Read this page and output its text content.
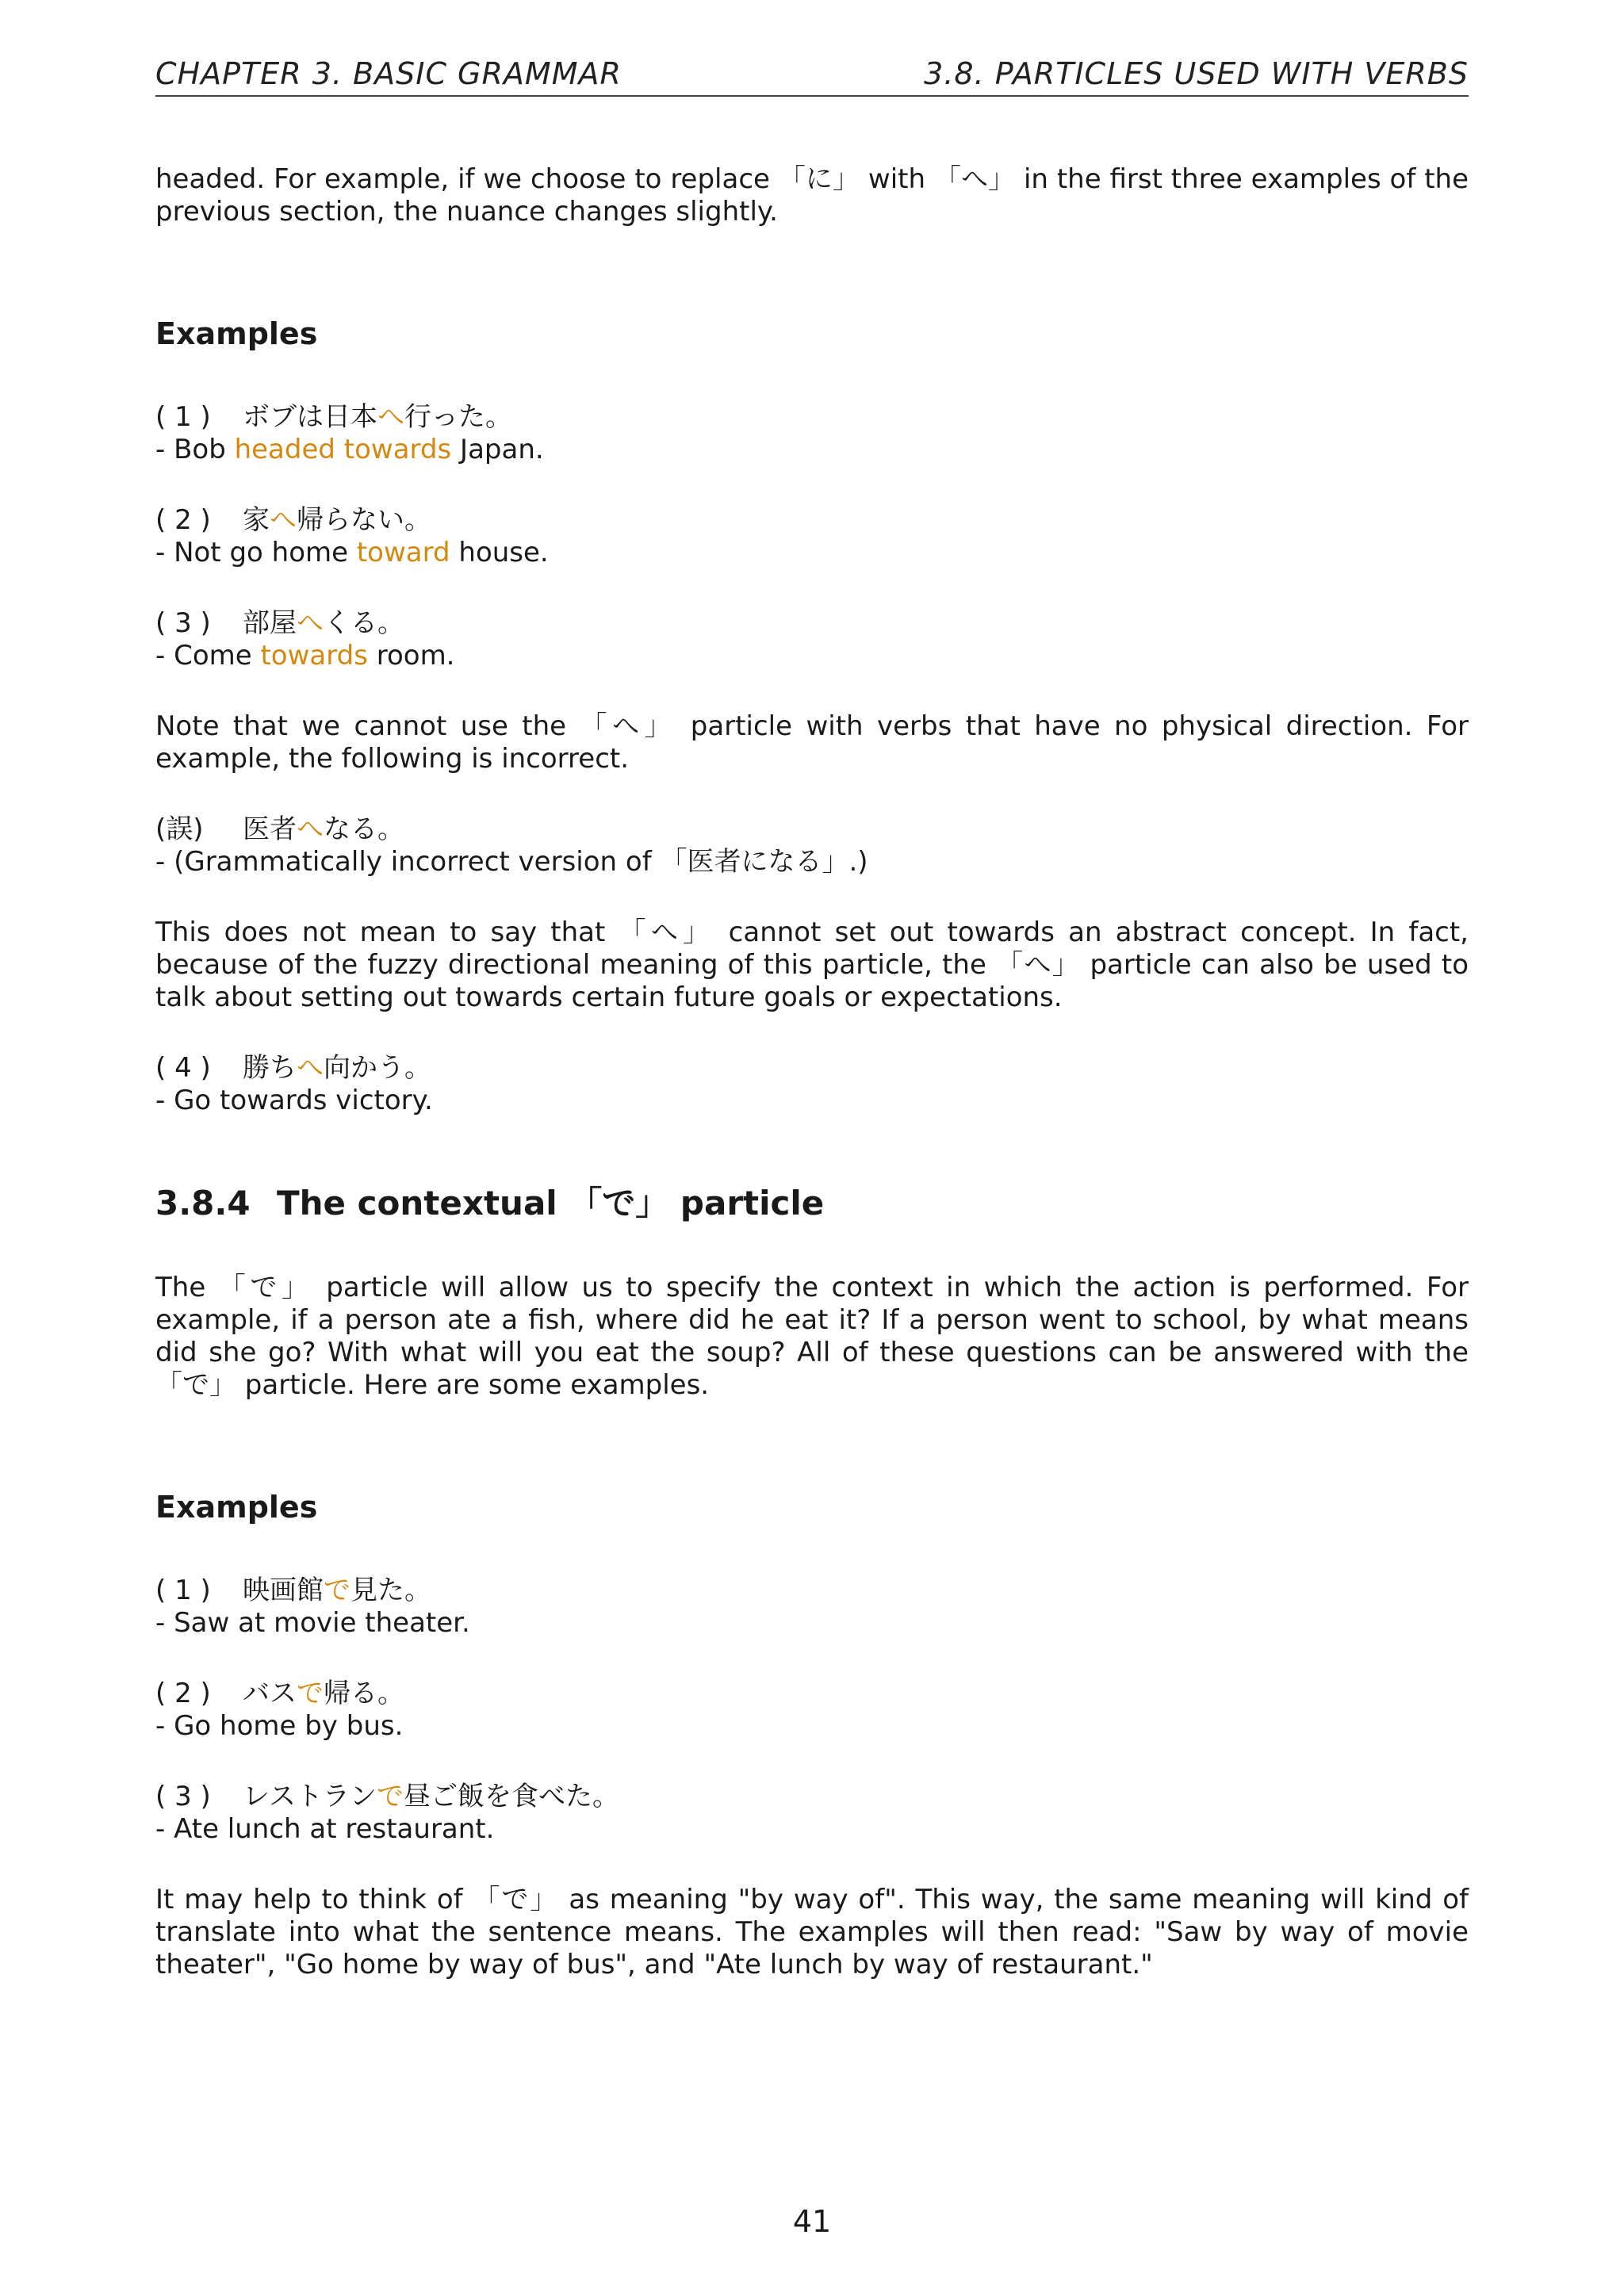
CHAPTER 3. BASIC GRAMMAR	3.8. PARTICLES USED WITH VERBS

headed. For example, if we choose to replace 「に」 with 「へ」 in the first three examples of the previous section, the nuance changes slightly.

Examples
( 1 ) ボブは日本へ行った。
- Bob headed towards Japan.
( 2 ) 家へ帰らない。
- Not go home toward house.
( 3 ) 部屋へくる。
- Come towards room.

Note that we cannot use the 「へ」 particle with verbs that have no physical direction. For example, the following is incorrect.

(誤) 医者へなる。
- (Grammatically incorrect version of 「医者になる」.)

This does not mean to say that 「へ」 cannot set out towards an abstract concept. In fact, because of the fuzzy directional meaning of this particle, the 「へ」 particle can also be used to talk about setting out towards certain future goals or expectations.

( 4 ) 勝ちへ向かう。
- Go towards victory.
3.8.4 The contextual 「で」 particle

The 「で」 particle will allow us to specify the context in which the action is performed. For example, if a person ate a fish, where did he eat it? If a person went to school, by what means did she go? With what will you eat the soup? All of these questions can be answered with the 「で」 particle. Here are some examples.

Examples
( 1 ) 映画館で見た。
- Saw at movie theater.
( 2 ) バスで帰る。
- Go home by bus.
( 3 ) レストランで昼ご飯を食べた。
- Ate lunch at restaurant.

It may help to think of 「で」 as meaning "by way of". This way, the same meaning will kind of translate into what the sentence means. The examples will then read: "Saw by way of movie theater", "Go home by way of bus", and "Ate lunch by way of restaurant."

41
